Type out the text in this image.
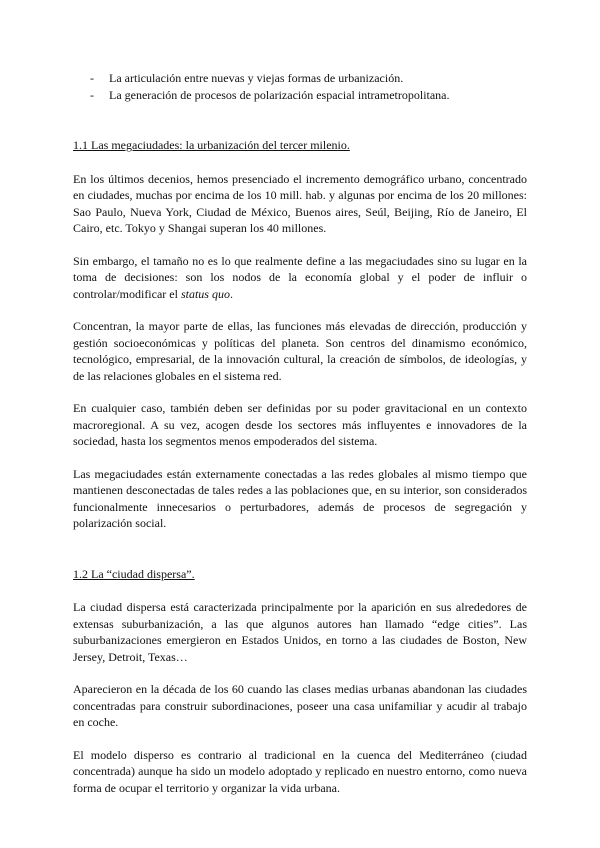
- La articulación entre nuevas y viejas formas de urbanización.
- La generación de procesos de polarización espacial intrametropolitana.
1.1 Las megaciudades: la urbanización del tercer milenio.

En los últimos decenios, hemos presenciado el incremento demográfico urbano, concentrado en ciudades, muchas por encima de los 10 mill. hab. y algunas por encima de los 20 millones: Sao Paulo, Nueva York, Ciudad de México, Buenos aires, Seúl, Beijing, Río de Janeiro, El Cairo, etc. Tokyo y Shangai superan los 40 millones.

Sin embargo, el tamaño no es lo que realmente define a las megaciudades sino su lugar en la toma de decisiones: son los nodos de la economía global y el poder de influir o controlar/modificar el status quo.

Concentran, la mayor parte de ellas, las funciones más elevadas de dirección, producción y gestión socioeconómicas y políticas del planeta. Son centros del dinamismo económico, tecnológico, empresarial, de la innovación cultural, la creación de símbolos, de ideologías, y de las relaciones globales en el sistema red.

En cualquier caso, también deben ser definidas por su poder gravitacional en un contexto macroregional. A su vez, acogen desde los sectores más influyentes e innovadores de la sociedad, hasta los segmentos menos empoderados del sistema.

Las megaciudades están externamente conectadas a las redes globales al mismo tiempo que mantienen desconectadas de tales redes a las poblaciones que, en su interior, son considerados funcionalmente innecesarios o perturbadores, además de procesos de segregación y polarización social.

1.2 La “ciudad dispersa”.

La ciudad dispersa está caracterizada principalmente por la aparición en sus alrededores de extensas suburbanización, a las que algunos autores han llamado “edge cities”. Las suburbanizaciones emergieron en Estados Unidos, en torno a las ciudades de Boston, New Jersey, Detroit, Texas…

Aparecieron en la década de los 60 cuando las clases medias urbanas abandonan las ciudades concentradas para construir subordinaciones, poseer una casa unifamiliar y acudir al trabajo en coche.

El modelo disperso es contrario al tradicional en la cuenca del Mediterráneo (ciudad concentrada) aunque ha sido un modelo adoptado y replicado en nuestro entorno, como nueva forma de ocupar el territorio y organizar la vida urbana.
